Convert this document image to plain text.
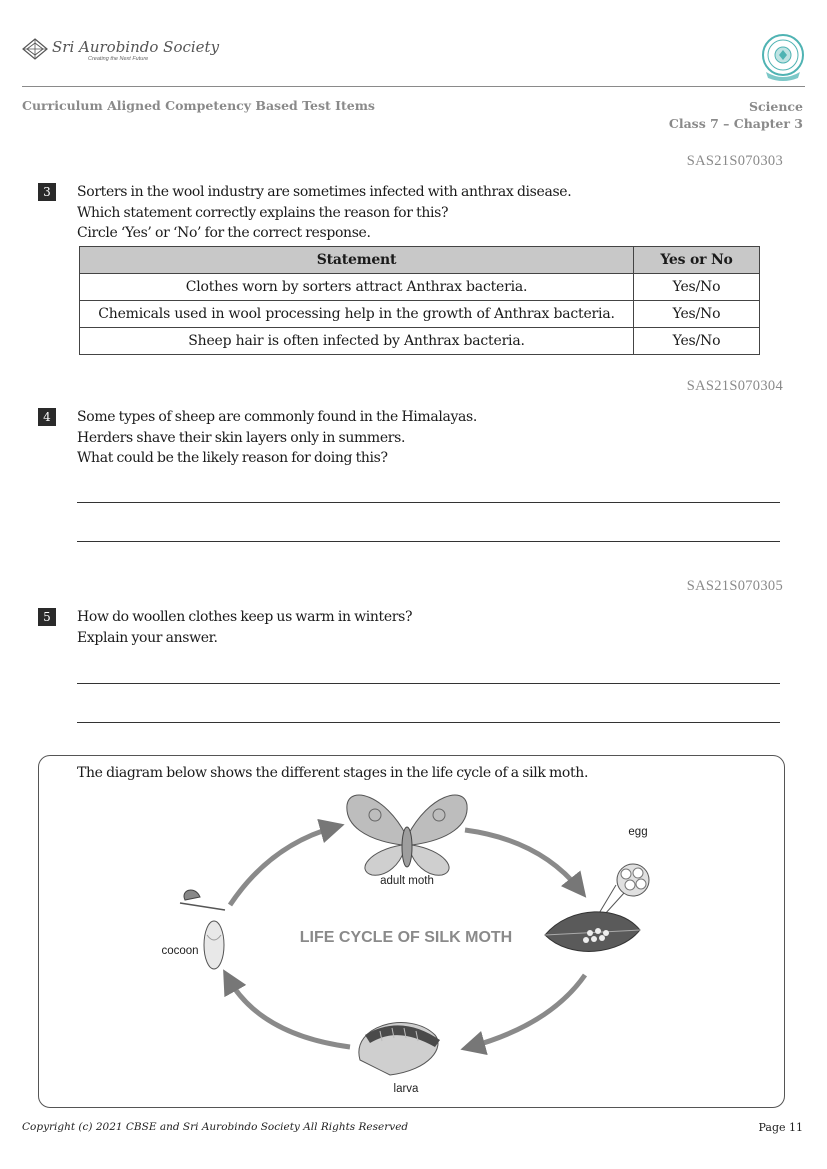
Sri Aurobindo Society
Creating the Next Future
Curriculum Aligned Competency Based Test Items	Science
Class 7 – Chapter 3
SAS21S070303
3	Sorters in the wool industry are sometimes infected with anthrax disease.
Which statement correctly explains the reason for this?
Circle ‘Yes’ or ‘No’ for the correct response.
Statement	Yes or No
Clothes worn by sorters attract Anthrax bacteria.	Yes/No
Chemicals used in wool processing help in the growth of Anthrax bacteria.	Yes/No
Sheep hair is often infected by Anthrax bacteria.	Yes/No
SAS21S070304
4	Some types of sheep are commonly found in the Himalayas.
Herders shave their skin layers only in summers.
What could be the likely reason for doing this?
SAS21S070305
5	How do woollen clothes keep us warm in winters?
Explain your answer.
The diagram below shows the different stages in the life cycle of a silk moth.
adult moth
egg
LIFE CYCLE OF SILK MOTH
cocoon
larva
Copyright (c) 2021 CBSE and Sri Aurobindo Society All Rights Reserved	Page 11
